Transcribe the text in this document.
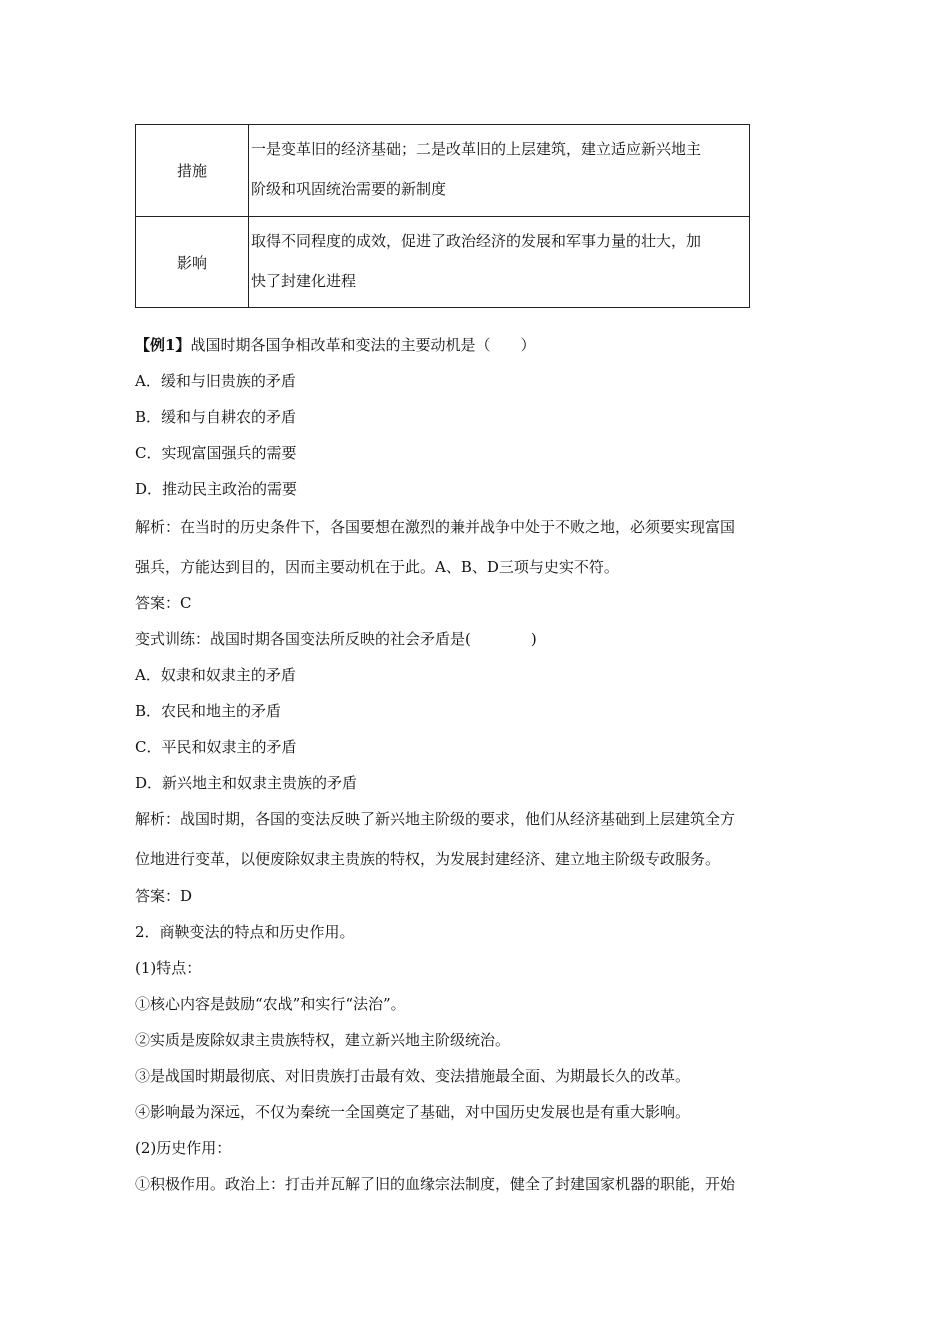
措施	一是变革旧的经济基础；二是改革旧的上层建筑，建立适应新兴地主
阶级和巩固统治需要的新制度

影响	取得不同程度的成效，促进了政治经济的发展和军事力量的壮大，加
快了封建化进程
【例1】战国时期各国争相改革和变法的主要动机是（　　）
A．缓和与旧贵族的矛盾
B．缓和与自耕农的矛盾
C．实现富国强兵的需要
D．推动民主政治的需要
解析：在当时的历史条件下，各国要想在激烈的兼并战争中处于不败之地，必须要实现富国
强兵，方能达到目的，因而主要动机在于此。A、B、D三项与史实不符。
答案：C
变式训练：战国时期各国变法所反映的社会矛盾是(　　　　)
A．奴隶和奴隶主的矛盾
B．农民和地主的矛盾
C．平民和奴隶主的矛盾
D．新兴地主和奴隶主贵族的矛盾
解析：战国时期，各国的变法反映了新兴地主阶级的要求，他们从经济基础到上层建筑全方
位地进行变革，以便废除奴隶主贵族的特权，为发展封建经济、建立地主阶级专政服务。
答案：D
2．商鞅变法的特点和历史作用。
(1)特点：
①核心内容是鼓励“农战”和实行“法治”。
②实质是废除奴隶主贵族特权，建立新兴地主阶级统治。
③是战国时期最彻底、对旧贵族打击最有效、变法措施最全面、为期最长久的改革。
④影响最为深远，不仅为秦统一全国奠定了基础，对中国历史发展也是有重大影响。
(2)历史作用：
①积极作用。政治上：打击并瓦解了旧的血缘宗法制度，健全了封建国家机器的职能，开始
